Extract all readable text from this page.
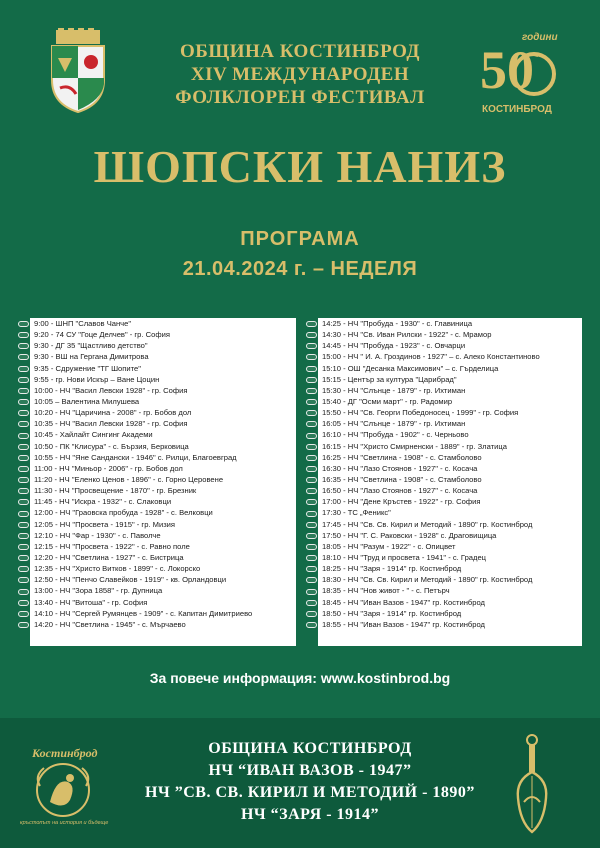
ОБЩИНА КОСТИНБРОД
XIV МЕЖДУНАРОДЕН
ФОЛКЛОРЕН ФЕСТИВАЛ	50
години
КОСТИНБРОД
ШОПСКИ НАНИЗ
ПРОГРАМА
21.04.2024 г. – НЕДЕЛЯ
9:00 - ШНП "Славов Чанче"
9:20 - 74 СУ "Гоце Делчев" - гр. София
9:30 - ДГ 35 "Щастливо детство"
9:30 - ВШ на Гергана Димитрова
9:35 - Сдружение "ТГ Шопите"
9:55 - гр. Нови Искър – Ване Цоцин
10:00 - НЧ "Васил Левски 1928" - гр. София
10:05 – Валентина Милушева
10:20 - НЧ "Царичина - 2008" - гр. Бобов дол
10:35 - НЧ "Васил Левски 1928" - гр. София
10:45 - Хайлайт Сингинг Академи
10:50 - ПК "Клисура" - с. Бързия, Берковица
10:55 - НЧ "Яне Сандански - 1946" с. Рилци, Благоевград
11:00 - НЧ "Миньор - 2006" - гр. Бобов дол
11:20 - НЧ "Еленко Ценов - 1896" - с. Горно Церовене
11:30 - НЧ "Просвещение - 1870" - гр. Брезник
11:45 - НЧ "Искра - 1932" - с. Слаковци
12:00 - НЧ "Граовска пробуда - 1928" - с. Велковци
12:05 - НЧ "Просвета - 1915" - гр. Мизия
12:10 - НЧ "Фар - 1930" - с. Паволче
12:15 - НЧ "Просвета - 1922" - с. Равно поле
12:20 - НЧ "Светлина - 1927" - с. Бистрица
12:35 - НЧ "Христо Витков - 1899" - с. Локорско
12:50 - НЧ "Пенчо Славейков - 1919" - кв. Орландовци
13:00 - НЧ "Зора 1858" - гр. Дупница
13:40 - НЧ "Витоша" - гр. София
14:10 - НЧ "Сергей Румянцев - 1909" - с. Капитан Димитриево
14:20 - НЧ "Светлина - 1945" - с. Мърчаево
14:25 - НЧ "Пробуда - 1930" - с. Главиница
14:30 - НЧ "Св. Иван Рилски - 1922" - с. Мрамор
14:45 - НЧ "Пробуда - 1923" - с. Овчарци
15:00 - НЧ " И. А. Гроздинов - 1927" – с. Алеко Константиново
15:10 - ОШ "Десанка Максимович" – с. Гърделица
15:15 - Център за култура "Царибрад"
15:30 - НЧ "Слънце - 1879" - гр. Ихтиман
15:40 - ДГ "Осми март" - гр. Радомир
15:50 - НЧ "Св. Георги Победоносец - 1999" - гр. София
16:05 - НЧ "Слънце - 1879" - гр. Ихтиман
16:10 - НЧ "Пробуда - 1902" - с. Черньово
16:15 - НЧ "Христо Смирненски - 1889" - гр. Златица
16:25 - НЧ "Светлина - 1908" - с. Стамболово
16:30 - НЧ "Лазо Стоянов - 1927" - с. Косача
16:35 - НЧ "Светлина - 1908" - с. Стамболово
16:50 - НЧ "Лазо Стоянов - 1927" - с. Косача
17:00 - НЧ "Дене Кръстев - 1922" - гр. София
17:30 - ТС „Феникс"
17:45 - НЧ "Св. Св. Кирил и Методий - 1890" гр. Костинброд
17:50 - НЧ "Г. С. Раковски - 1928" с. Драговищица
18:05 - НЧ "Разум - 1922" - с. Опицвет
18:10 - НЧ "Труд и просвета - 1941" - с. Градец
18:25 - НЧ "Заря - 1914" гр. Костинброд
18:30 - НЧ "Св. Св. Кирил и Методий - 1890" гр. Костинброд
18:35 - НЧ "Нов живот - " - с. Петърч
18:45 - НЧ "Иван Вазов - 1947" гр. Костинброд
18:50 - НЧ "Заря - 1914" гр. Костинброд
18:55 - НЧ "Иван Вазов - 1947" гр. Костинброд
За повече информация: www.kostinbrod.bg
Костинброд
кръстопът на история и бъдеще
ОБЩИНА КОСТИНБРОД
НЧ “ИВАН ВАЗОВ - 1947”
НЧ ”СВ. СВ. КИРИЛ И МЕТОДИЙ - 1890”
НЧ “ЗАРЯ - 1914”
